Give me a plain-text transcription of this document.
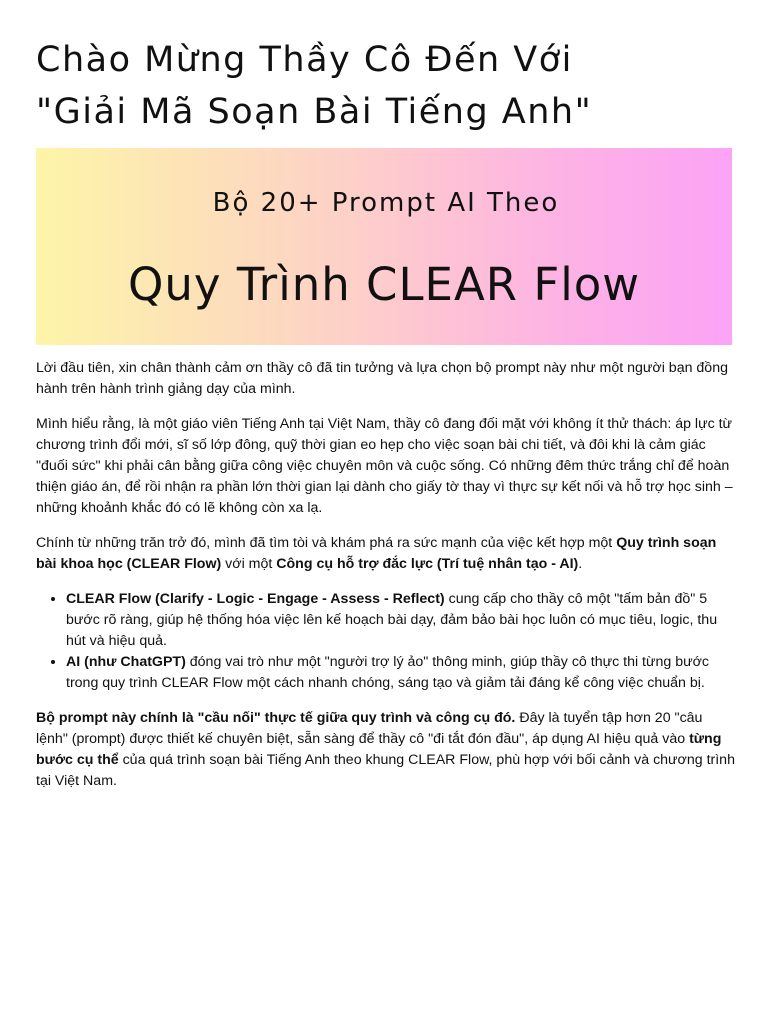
Chào Mừng Thầy Cô Đến Với
"Giải Mã Soạn Bài Tiếng Anh"
Bộ 20+ Prompt AI Theo
Quy Trình CLEAR Flow

Lời đầu tiên, xin chân thành cảm ơn thầy cô đã tin tưởng và lựa chọn bộ prompt này như một người bạn đồng hành trên hành trình giảng dạy của mình.

Mình hiểu rằng, là một giáo viên Tiếng Anh tại Việt Nam, thầy cô đang đối mặt với không ít thử thách: áp lực từ chương trình đổi mới, sĩ số lớp đông, quỹ thời gian eo hẹp cho việc soạn bài chi tiết, và đôi khi là cảm giác "đuối sức" khi phải cân bằng giữa công việc chuyên môn và cuộc sống. Có những đêm thức trắng chỉ để hoàn thiện giáo án, để rồi nhận ra phần lớn thời gian lại dành cho giấy tờ thay vì thực sự kết nối và hỗ trợ học sinh – những khoảnh khắc đó có lẽ không còn xa lạ.

Chính từ những trăn trở đó, mình đã tìm tòi và khám phá ra sức mạnh của việc kết hợp một Quy trình soạn bài khoa học (CLEAR Flow) với một Công cụ hỗ trợ đắc lực (Trí tuệ nhân tạo - AI).

• CLEAR Flow (Clarify - Logic - Engage - Assess - Reflect) cung cấp cho thầy cô một "tấm bản đồ" 5 bước rõ ràng, giúp hệ thống hóa việc lên kế hoạch bài dạy, đảm bảo bài học luôn có mục tiêu, logic, thu hút và hiệu quả.
• AI (như ChatGPT) đóng vai trò như một "người trợ lý ảo" thông minh, giúp thầy cô thực thi từng bước trong quy trình CLEAR Flow một cách nhanh chóng, sáng tạo và giảm tải đáng kể công việc chuẩn bị.

Bộ prompt này chính là "cầu nối" thực tế giữa quy trình và công cụ đó. Đây là tuyển tập hơn 20 "câu lệnh" (prompt) được thiết kế chuyên biệt, sẵn sàng để thầy cô "đi tắt đón đầu", áp dụng AI hiệu quả vào từng bước cụ thể của quá trình soạn bài Tiếng Anh theo khung CLEAR Flow, phù hợp với bối cảnh và chương trình tại Việt Nam.
